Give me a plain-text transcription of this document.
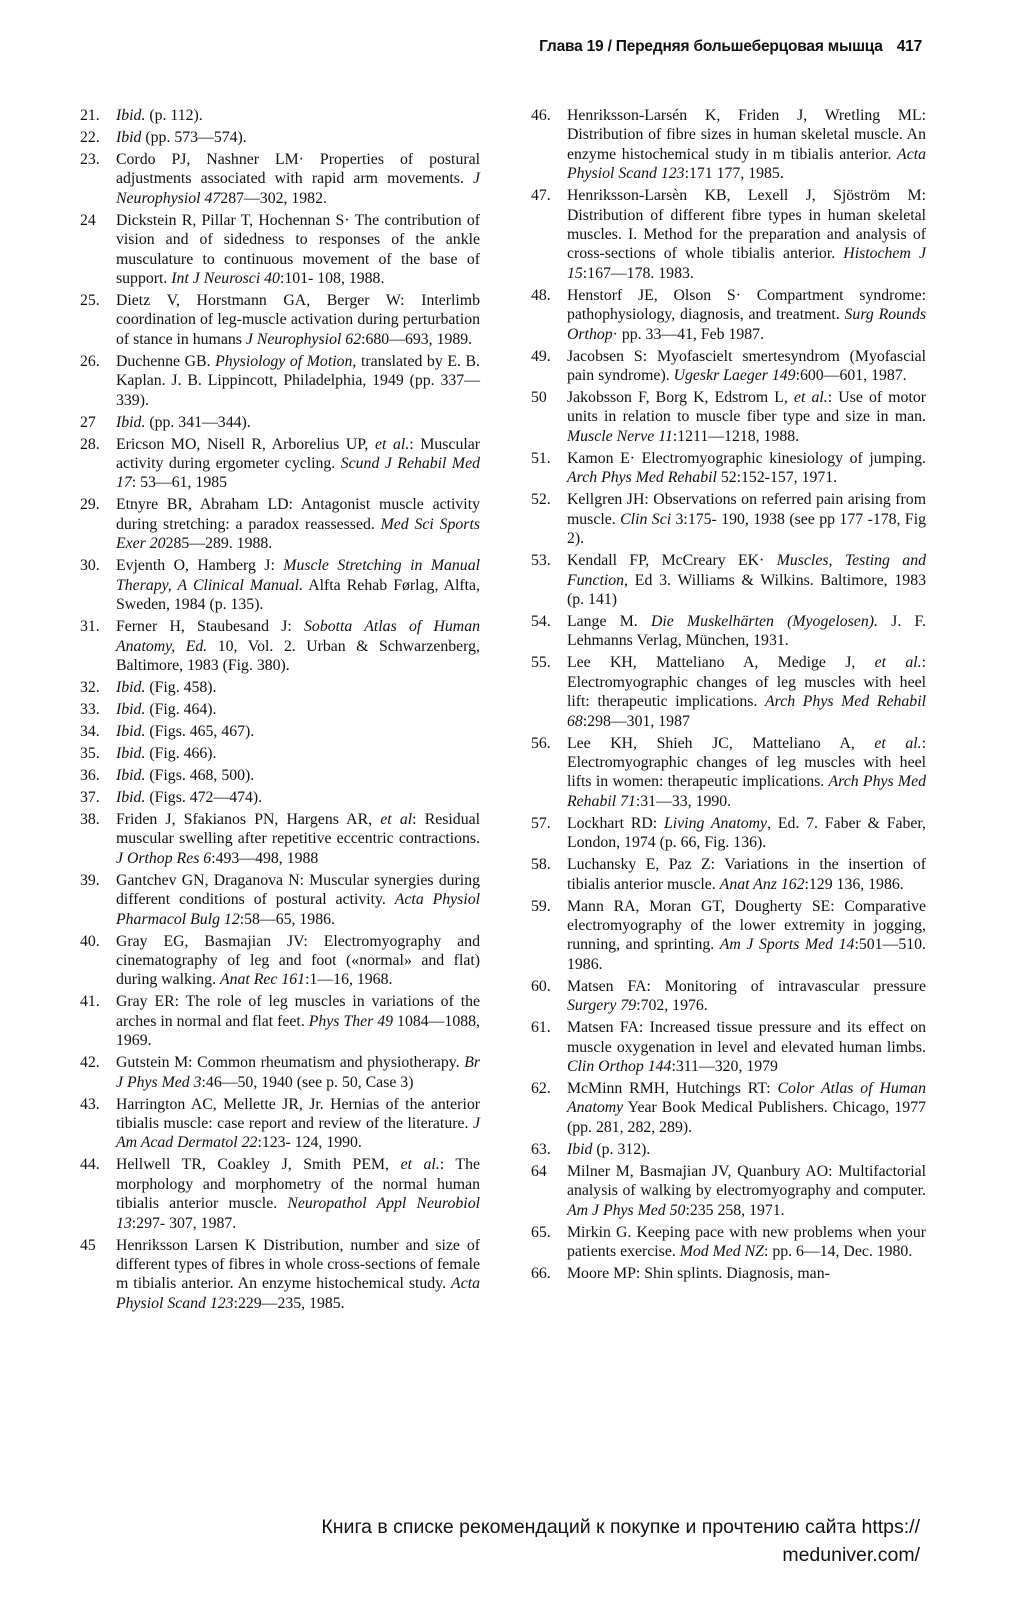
Глава 19 / Передняя большеберцовая мышца 417
21.	Ibid. (p. 112).
22.	Ibid (pp. 573—574).
23.	Cordo PJ, Nashner LM· Properties of postural adjustments associated with rapid arm movements. J Neurophysiol 47287—302, 1982.
24	Dickstein R, Pillar T, Hochennan S· The contribution of vision and of sidedness to responses of the ankle musculature to continuous movement of the base of support. Int J Neurosci 40:101- 108, 1988.
25.	Dietz V, Horstmann GA, Berger W: Interlimb coordination of leg-muscle activation during perturbation of stance in humans J Neurophysiol 62:680—693, 1989.
26.	Duchenne GB. Physiology of Motion, translated by E. B. Kaplan. J. B. Lippincott, Philadelphia, 1949 (pp. 337—339).
27	Ibid. (pp. 341—344).
28.	Ericson MO, Nisell R, Arborelius UP, et al.: Muscular activity during ergometer cycling. Scund J Rehabil Med 17: 53—61, 1985
29.	Etnyre BR, Abraham LD: Antagonist muscle activity during stretching: a paradox reassessed. Med Sci Sports Exer 20285—289. 1988.
30.	Evjenth O, Hamberg J: Muscle Stretching in Manual Therapy, A Clinical Manual. Alfta Rehab Førlag, Alfta, Sweden, 1984 (p. 135).
31.	Ferner H, Staubesand J: Sobotta Atlas of Human Anatomy, Ed. 10, Vol. 2. Urban & Schwarzenberg, Baltimore, 1983 (Fig. 380).
32.	Ibid. (Fig. 458).
33.	Ibid. (Fig. 464).
34.	Ibid. (Figs. 465, 467).
35.	Ibid. (Fig. 466).
36.	Ibid. (Figs. 468, 500).
37.	Ibid. (Figs. 472—474).
38.	Friden J, Sfakianos PN, Hargens AR, et al: Residual muscular swelling after repetitive eccentric contractions. J Orthop Res 6:493—498, 1988
39.	Gantchev GN, Draganova N: Muscular synergies during different conditions of postural activity. Acta Physiol Pharmacol Bulg 12:58—65, 1986.
40.	Gray EG, Basmajian JV: Electromyography and cinematography of leg and foot («normal» and flat) during walking. Anat Rec 161:1—16, 1968.
41.	Gray ER: The role of leg muscles in variations of the arches in normal and flat feet. Phys Ther 49 1084—1088, 1969.
42.	Gutstein M: Common rheumatism and physiotherapy. Br J Phys Med 3:46—50, 1940 (see p. 50, Case 3)
43.	Harrington AC, Mellette JR, Jr. Hernias of the anterior tibialis muscle: case report and review of the literature. J Am Acad Dermatol 22:123- 124, 1990.
44.	Hellwell TR, Coakley J, Smith PEM, et al.: The morphology and morphometry of the normal human tibialis anterior muscle. Neuropathol Appl Neurobiol 13:297- 307, 1987.
45	Henriksson Larsen K Distribution, number and size of different types of fibres in whole cross-sections of female m tibialis anterior. An enzyme histochemical study. Acta Physiol Scand 123:229—235, 1985.
46.	Henriksson-Larsén K, Friden J, Wretling ML: Distribution of fibre sizes in human skeletal muscle. An enzyme histochemical study in m tibialis anterior. Acta Physiol Scand 123:171 177, 1985.
47.	Henriksson-Larsèn KB, Lexell J, Sjöström M: Distribution of different fibre types in human skeletal muscles. I. Method for the preparation and analysis of cross-sections of whole tibialis anterior. Histochem J 15:167—178. 1983.
48.	Henstorf JE, Olson S· Compartment syndrome: pathophysiology, diagnosis, and treatment. Surg Rounds Orthop· pp. 33—41, Feb 1987.
49.	Jacobsen S: Myofascielt smertesyndrom (Myofascial pain syndrome). Ugeskr Laeger 149:600—601, 1987.
50	Jakobsson F, Borg K, Edstrom L, et al.: Use of motor units in relation to muscle fiber type and size in man. Muscle Nerve 11:1211—1218, 1988.
51.	Kamon E· Electromyographic kinesiology of jumping. Arch Phys Med Rehabil 52:152-157, 1971.
52.	Kellgren JH: Observations on referred pain arising from muscle. Clin Sci 3:175- 190, 1938 (see pp 177 -178, Fig 2).
53.	Kendall FP, McCreary EK· Muscles, Testing and Function, Ed 3. Williams & Wilkins. Baltimore, 1983 (p. 141)
54.	Lange M. Die Muskelhärten (Myogelosen). J. F. Lehmanns Verlag, München, 1931.
55.	Lee KH, Matteliano A, Medige J, et al.: Electromyographic changes of leg muscles with heel lift: therapeutic implications. Arch Phys Med Rehabil 68:298—301, 1987
56.	Lee KH, Shieh JC, Matteliano A, et al.: Electromyographic changes of leg muscles with heel lifts in women: therapeutic implications. Arch Phys Med Rehabil 71:31—33, 1990.
57.	Lockhart RD: Living Anatomy, Ed. 7. Faber & Faber, London, 1974 (p. 66, Fig. 136).
58.	Luchansky E, Paz Z: Variations in the insertion of tibialis anterior muscle. Anat Anz 162:129 136, 1986.
59.	Mann RA, Moran GT, Dougherty SE: Comparative electromyography of the lower extremity in jogging, running, and sprinting. Am J Sports Med 14:501—510. 1986.
60.	Matsen FA: Monitoring of intravascular pressure Surgery 79:702, 1976.
61.	Matsen FA: Increased tissue pressure and its effect on muscle oxygenation in level and elevated human limbs. Clin Orthop 144:311—320, 1979
62.	McMinn RMH, Hutchings RT: Color Atlas of Human Anatomy Year Book Medical Publishers. Chicago, 1977 (pp. 281, 282, 289).
63.	Ibid (p. 312).
64	Milner M, Basmajian JV, Quanbury AO: Multifactorial analysis of walking by electromyography and computer. Am J Phys Med 50:235 258, 1971.
65.	Mirkin G. Keeping pace with new problems when your patients exercise. Mod Med NZ: pp. 6—14, Dec. 1980.
66.	Moore MP: Shin splints. Diagnosis, man-
Книга в списке рекомендаций к покупке и прочтению сайта https://
meduniver.com/
